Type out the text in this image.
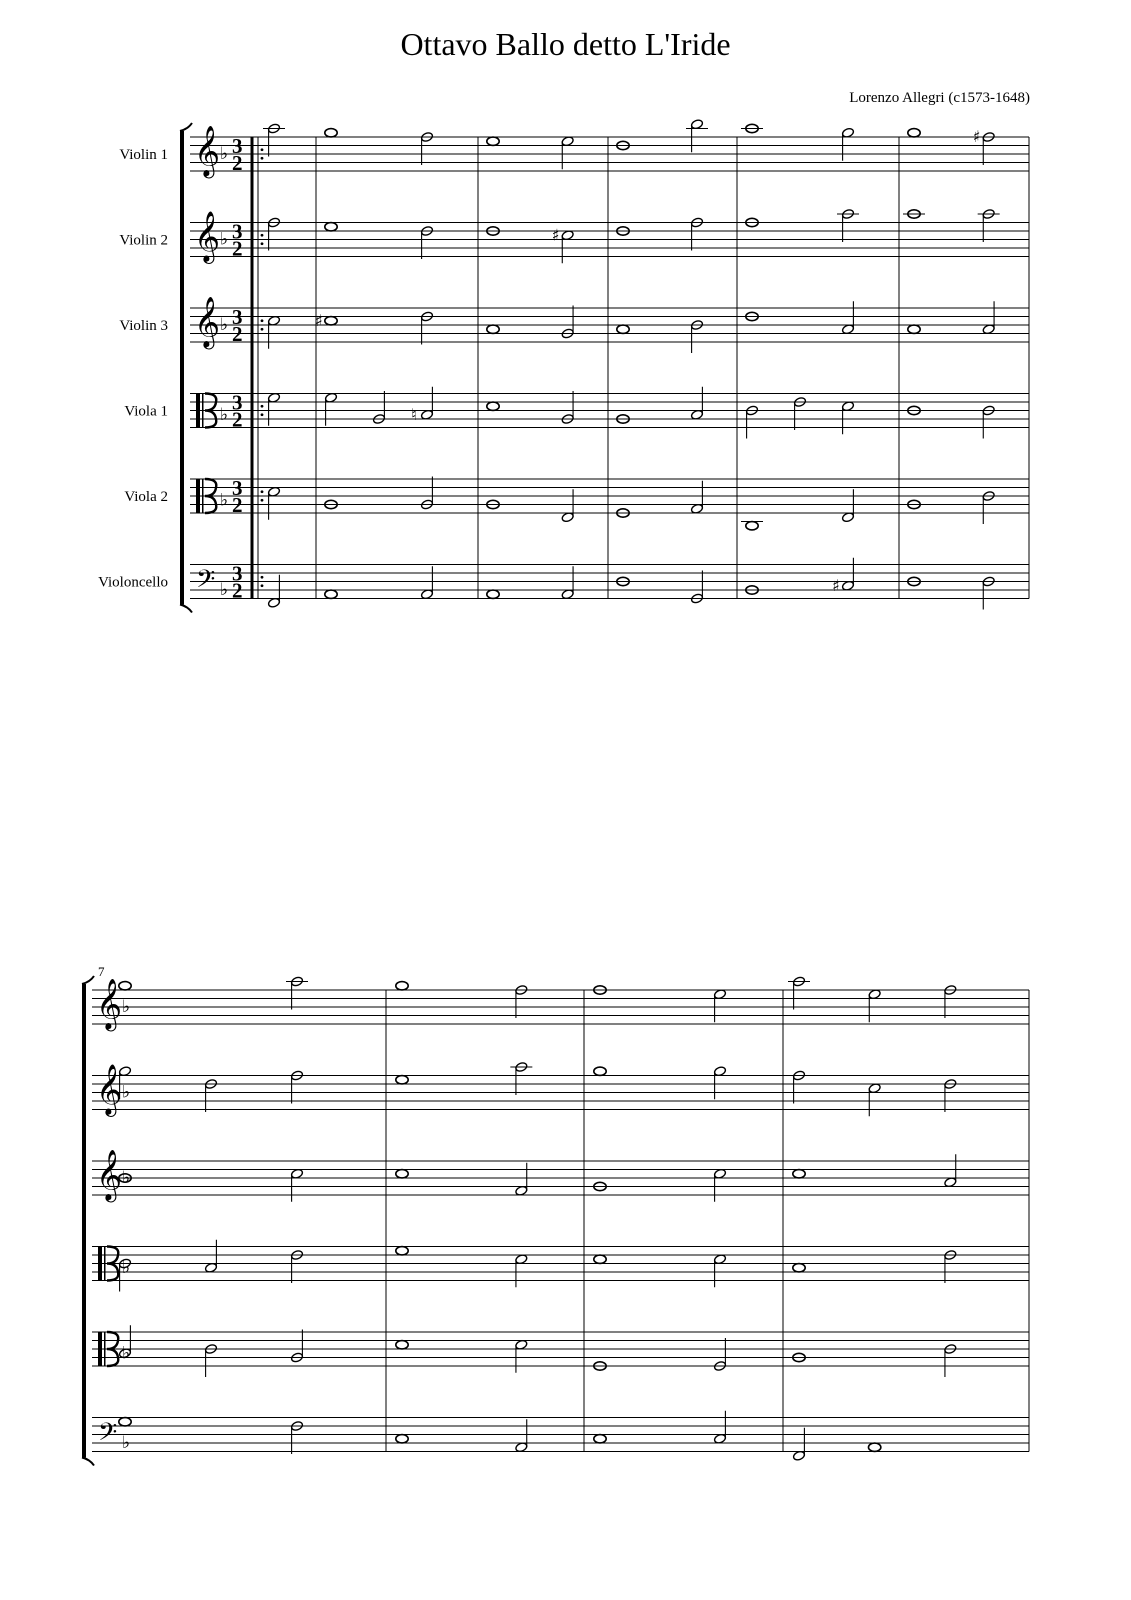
Ottavo Ballo detto L'Iride
Lorenzo Allegri (c1573-1648)
Violin 1 𝄞 ♭ 3
2
Violin 2 𝄞 ♭ 3
2
Violin 3 𝄞 ♭ 3
2
Viola 1	♭
3
2
Viola 2	♭
3
2
Violoncello 𝄢 ♭
3
2
♯
♮
♯
♯
♯
7
𝄞 ♭
𝄞 ♭
𝄞 ♭
♭
♭
𝄢 ♭
